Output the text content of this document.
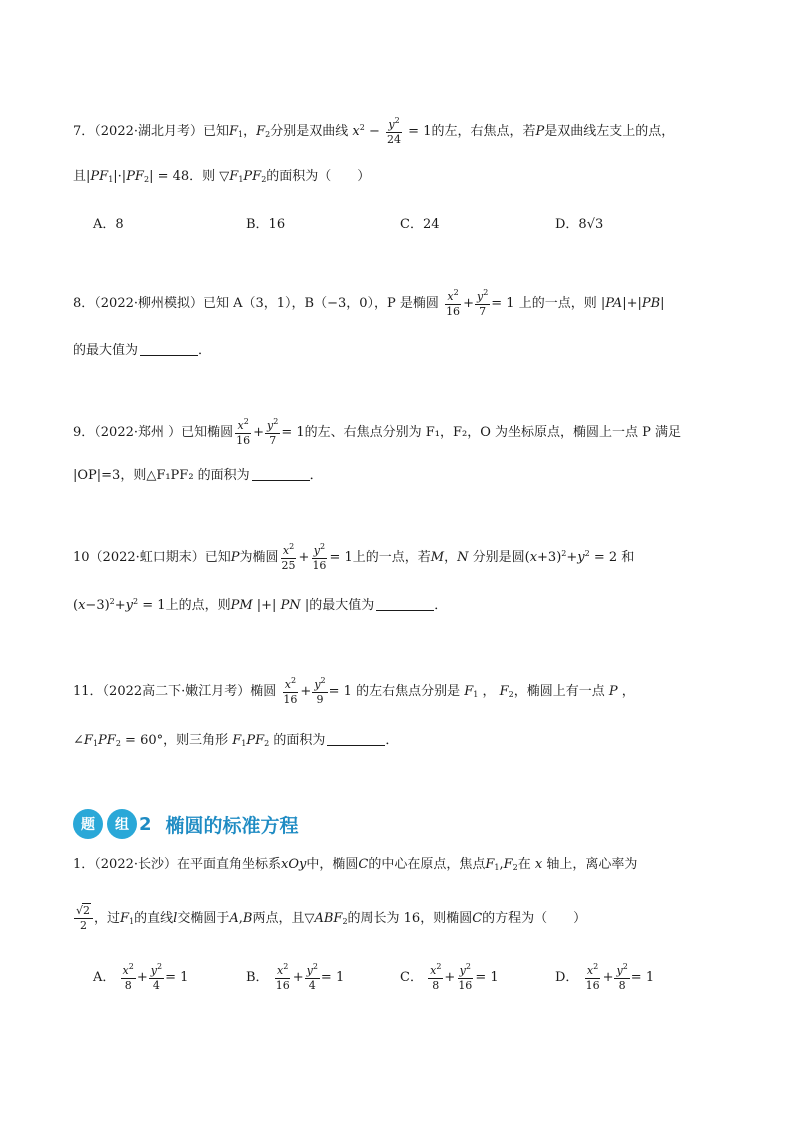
7．（2022·湖北月考）已知$F_1$，$F_2$分别是双曲线 $x^2 - \frac{y^2}{24} = 1$的左，右焦点，若P是双曲线左支上的点，
且$|PF_1|\cdot|PF_2| = 48$．则 $▽F_1PF_2$的面积为（　　）
A．8	B．16	C．24	D．8√3
8．（2022·柳州模拟）已知 A（3，1），B（−3，0），P 是椭圆 $\frac{x^2}{16} + \frac{y^2}{7} = 1$ 上的一点，则 |PA|+|PB|
的最大值为	．
9．（2022·郑州 ）已知椭圆 $\frac{x^2}{16} + \frac{y^2}{7} = 1$的左、右焦点分别为 F₁，F₂，O 为坐标原点，椭圆上一点 P 满足
|OP|=3，则△F₁PF₂ 的面积为	．
10（2022·虹口期末）已知P为椭圆 $\frac{x^2}{25} + \frac{y^2}{16} = 1$上的一点，若M，N 分别是圆$(x+3)^2+y^2 = 2$ 和
$(x-3)^2+y^2 = 1$上的点，则PM |+| PN |的最大值为	．
11．（2022高二下·嫩江月考）椭圆 $\frac{x^2}{16} + \frac{y^2}{9} = 1$ 的左右焦点分别是 $F_1$ ， $F_2$，椭圆上有一点 P ，
$\angle F_1PF_2 = 60^\circ$，则三角形 $F_1PF_2$ 的面积为	．
题 组 2 椭圆的标准方程
1．（2022·长沙）在平面直角坐标系xOy中，椭圆C的中心在原点，焦点$F_1,F_2$在 x 轴上，离心率为
$\frac{√2}{2}$ ，过$F_1$的直线l交椭圆于A,B两点，且$▽ABF_2$的周长为 16，则椭圆C的方程为（　　）
A． $\frac{x^2}{8} + \frac{y^2}{4} = 1$	B． $\frac{x^2}{16} + \frac{y^2}{4} = 1$	C． $\frac{x^2}{8} + \frac{y^2}{16} = 1$	D． $\frac{x^2}{16} + \frac{y^2}{8} = 1$
